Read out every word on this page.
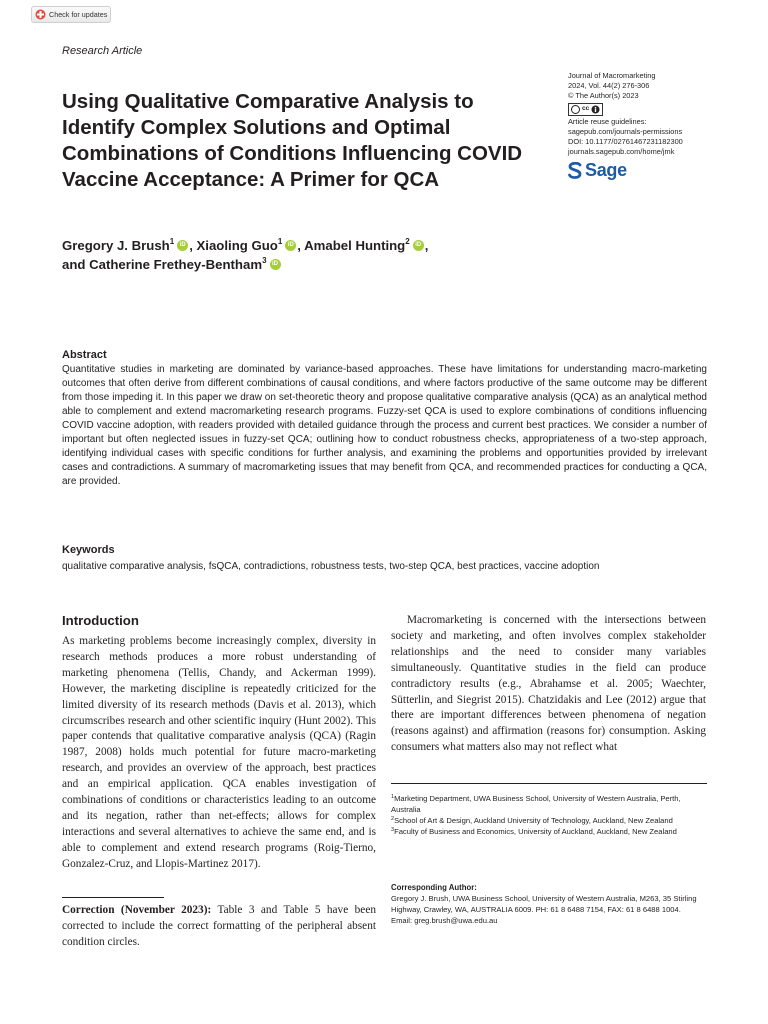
Check for updates
Research Article
Using Qualitative Comparative Analysis to Identify Complex Solutions and Optimal Combinations of Conditions Influencing COVID Vaccine Acceptance: A Primer for QCA
Journal of Macromarketing
2024, Vol. 44(2) 276-306
© The Author(s) 2023
cc
Article reuse guidelines:
sagepub.com/journals-permissions
DOI: 10.1177/02761467231182300
journals.sagepub.com/home/jmk
Sage
Gregory J. Brush$^1$ iD , Xiaoling Guo$^1$ iD , Amabel Hunting$^2$ iD ,
and Catherine Frethey-Bentham$^3$iD
Abstract
Quantitative studies in marketing are dominated by variance-based approaches. These have limitations for understanding macro-marketing outcomes that often derive from different combinations of causal conditions, and where factors productive of the same outcome may be different from those impeding it. In this paper we draw on set-theoretic theory and propose qualitative comparative analysis (QCA) as an analytical method able to complement and extend macromarketing research programs. Fuzzy-set QCA is used to explore combinations of conditions influencing COVID vaccine adoption, with readers provided with detailed guidance through the process and current best practices. We consider a number of important but often neglected issues in fuzzy-set QCA; outlining how to conduct robustness checks, appropriateness of a two-step approach, identifying individual cases with specific conditions for further analysis, and examining the problems and opportunities provided by irrelevant cases and contradictions. A summary of macromarketing issues that may benefit from QCA, and recommended practices for conducting a QCA, are provided.
Keywords
qualitative comparative analysis, fsQCA, contradictions, robustness tests, two-step QCA, best practices, vaccine adoption
Introduction
As marketing problems become increasingly complex, diversity in research methods produces a more robust understanding of marketing phenomena (Tellis, Chandy, and Ackerman 1999). However, the marketing discipline is repeatedly criticized for the limited diversity of its research methods (Davis et al. 2013), which circumscribes research and other scientific inquiry (Hunt 2002). This paper contends that qualitative comparative analysis (QCA) (Ragin 1987, 2008) holds much potential for future macro-marketing research, and provides an overview of the approach, best practices and an empirical application. QCA enables investigation of combinations of conditions or characteristics leading to an outcome and its negation, rather than net-effects; allows for complex interactions and several alternatives to achieve the same end, and is able to complement and extend research programs (Roig-Tierno, Gonzalez-Cruz, and Llopis-Martinez 2017).
Macromarketing is concerned with the intersections between society and marketing, and often involves complex stakeholder relationships and the need to consider many variables simultaneously. Quantitative studies in the field can produce contradictory results (e.g., Abrahamse et al. 2005; Waechter, Sütterlin, and Siegrist 2015). Chatzidakis and Lee (2012) argue that there are important differences between phenomena of negation (reasons against) and affirmation (reasons for) consumption. Asking consumers what matters also may not reflect what
Correction (November 2023): Table 3 and Table 5 have been corrected to include the correct formatting of the peripheral absent condition circles.
$^1$Marketing Department, UWA Business School, University of Western Australia, Perth, Australia
$^2$School of Art & Design, Auckland University of Technology, Auckland, New Zealand
$^3$Faculty of Business and Economics, University of Auckland, Auckland, New Zealand
Corresponding Author:
Gregory J. Brush, UWA Business School, University of Western Australia, M263, 35 Stirling Highway, Crawley, WA, AUSTRALIA 6009. PH: 61 8 6488 7154, FAX: 61 8 6488 1004.
Email: greg.brush@uwa.edu.au
